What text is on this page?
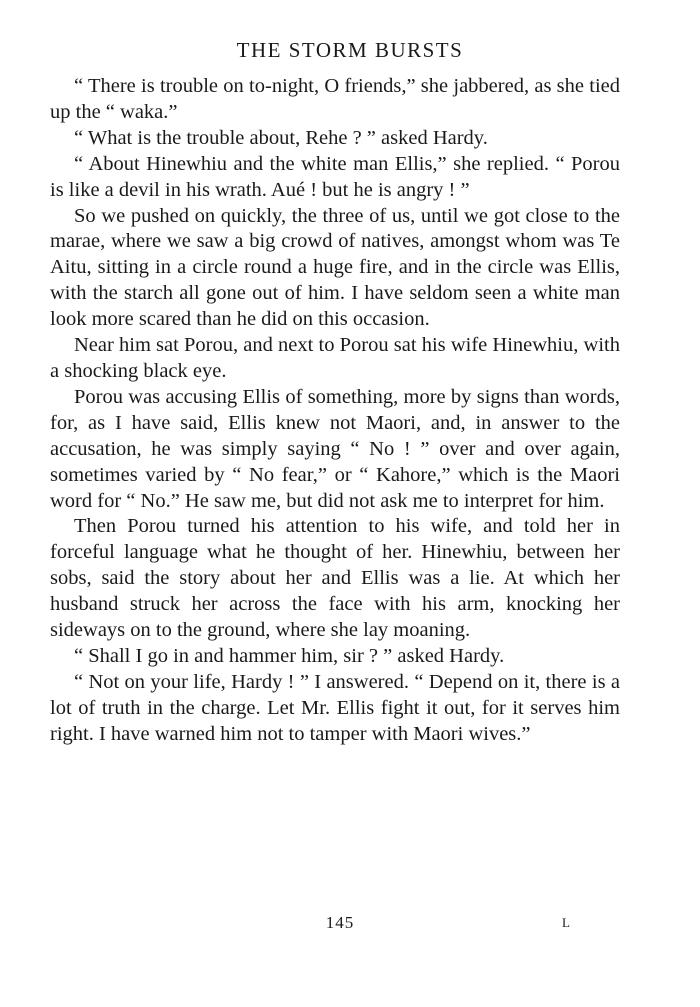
THE STORM BURSTS

“ There is trouble on to-night, O friends,” she jabbered, as she tied up the “ waka.”

“ What is the trouble about, Rehe ? ” asked Hardy.

“ About Hinewhiu and the white man Ellis,” she replied. “ Porou is like a devil in his wrath. Aué ! but he is angry ! ”

So we pushed on quickly, the three of us, until we got close to the marae, where we saw a big crowd of natives, amongst whom was Te Aitu, sitting in a circle round a huge fire, and in the circle was Ellis, with the starch all gone out of him. I have seldom seen a white man look more scared than he did on this occasion.

Near him sat Porou, and next to Porou sat his wife Hinewhiu, with a shocking black eye.

Porou was accusing Ellis of something, more by signs than words, for, as I have said, Ellis knew not Maori, and, in answer to the accusation, he was simply saying “ No ! ” over and over again, sometimes varied by “ No fear,” or “ Kahore,” which is the Maori word for “ No.” He saw me, but did not ask me to interpret for him.

Then Porou turned his attention to his wife, and told her in forceful language what he thought of her. Hinewhiu, between her sobs, said the story about her and Ellis was a lie. At which her husband struck her across the face with his arm, knocking her sideways on to the ground, where she lay moaning.

“ Shall I go in and hammer him, sir ? ” asked Hardy.

“ Not on your life, Hardy ! ” I answered. “ Depend on it, there is a lot of truth in the charge. Let Mr. Ellis fight it out, for it serves him right. I have warned him not to tamper with Maori wives.”

145	L
